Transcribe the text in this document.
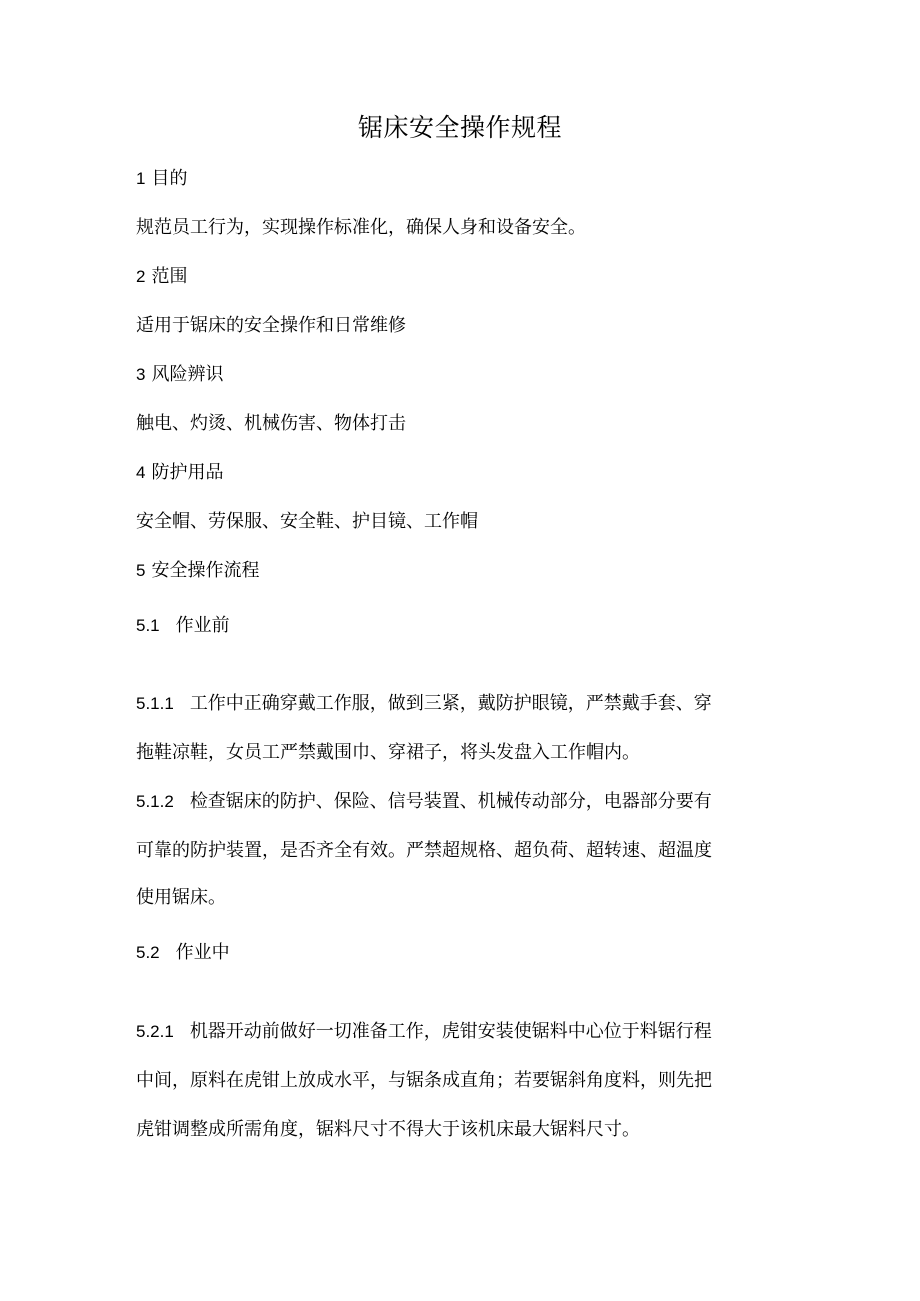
锯床安全操作规程

1 目的

规范员工行为，实现操作标准化，确保人身和设备安全。

2 范围

适用于锯床的安全操作和日常维修

3 风险辨识

触电、灼烫、机械伤害、物体打击

4 防护用品

安全帽、劳保服、安全鞋、护目镜、工作帽

5 安全操作流程

5.1 作业前

5.1.1 工作中正确穿戴工作服，做到三紧，戴防护眼镜，严禁戴手套、穿

拖鞋凉鞋，女员工严禁戴围巾、穿裙子，将头发盘入工作帽内。

5.1.2 检查锯床的防护、保险、信号装置、机械传动部分，电器部分要有

可靠的防护装置，是否齐全有效。严禁超规格、超负荷、超转速、超温度

使用锯床。

5.2 作业中

5.2.1 机器开动前做好一切准备工作，虎钳安装使锯料中心位于料锯行程

中间，原料在虎钳上放成水平，与锯条成直角；若要锯斜角度料，则先把

虎钳调整成所需角度，锯料尺寸不得大于该机床最大锯料尺寸。
